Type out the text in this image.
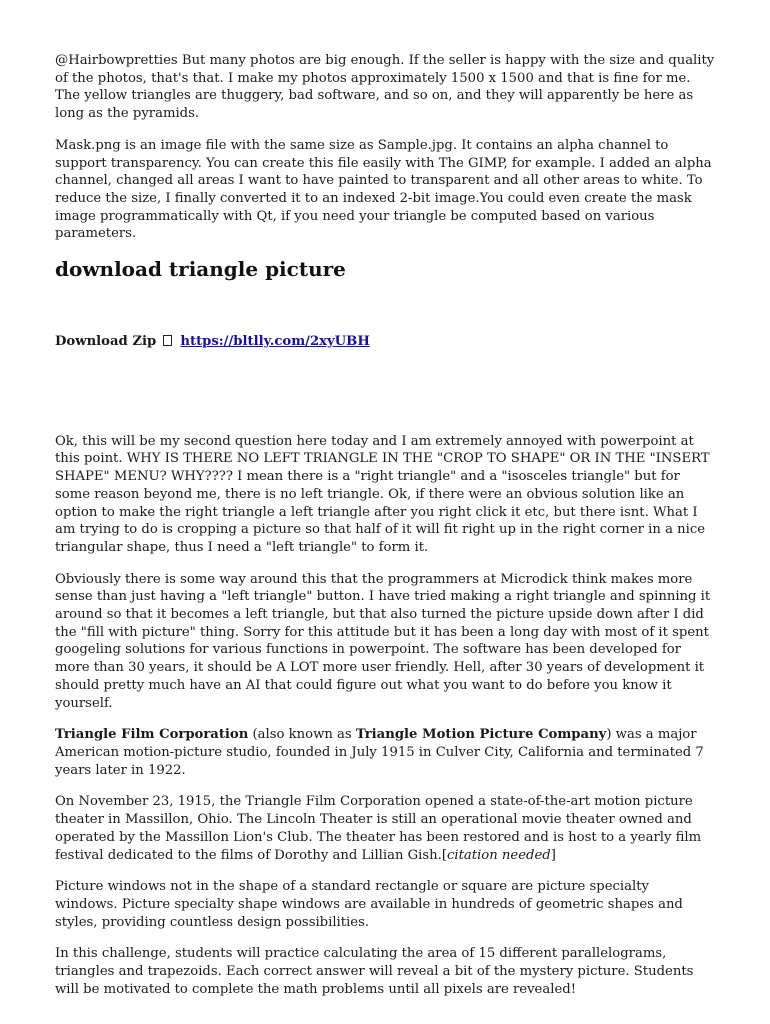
@Hairbowpretties But many photos are big enough. If the seller is happy with the size and quality of the photos, that's that. I make my photos approximately 1500 x 1500 and that is fine for me. The yellow triangles are thuggery, bad software, and so on, and they will apparently be here as long as the pyramids.

Mask.png is an image file with the same size as Sample.jpg. It contains an alpha channel to support transparency. You can create this file easily with The GIMP, for example. I added an alpha channel, changed all areas I want to have painted to transparent and all other areas to white. To reduce the size, I finally converted it to an indexed 2-bit image.You could even create the mask image programmatically with Qt, if you need your triangle be computed based on various parameters.

download triangle picture

Download Zip https://bltlly.com/2xyUBH

Ok, this will be my second question here today and I am extremely annoyed with powerpoint at this point. WHY IS THERE NO LEFT TRIANGLE IN THE "CROP TO SHAPE" OR IN THE "INSERT SHAPE" MENU? WHY???? I mean there is a "right triangle" and a "isosceles triangle" but for some reason beyond me, there is no left triangle. Ok, if there were an obvious solution like an option to make the right triangle a left triangle after you right click it etc, but there isnt. What I am trying to do is cropping a picture so that half of it will fit right up in the right corner in a nice triangular shape, thus I need a "left triangle" to form it.

Obviously there is some way around this that the programmers at Microdick think makes more sense than just having a "left triangle" button. I have tried making a right triangle and spinning it around so that it becomes a left triangle, but that also turned the picture upside down after I did the "fill with picture" thing. Sorry for this attitude but it has been a long day with most of it spent googeling solutions for various functions in powerpoint. The software has been developed for more than 30 years, it should be A LOT more user friendly. Hell, after 30 years of development it should pretty much have an AI that could figure out what you want to do before you know it yourself.

Triangle Film Corporation (also known as Triangle Motion Picture Company) was a major American motion-picture studio, founded in July 1915 in Culver City, California and terminated 7 years later in 1922.

On November 23, 1915, the Triangle Film Corporation opened a state-of-the-art motion picture theater in Massillon, Ohio. The Lincoln Theater is still an operational movie theater owned and operated by the Massillon Lion's Club. The theater has been restored and is host to a yearly film festival dedicated to the films of Dorothy and Lillian Gish.[citation needed]

Picture windows not in the shape of a standard rectangle or square are picture specialty windows. Picture specialty shape windows are available in hundreds of geometric shapes and styles, providing countless design possibilities.

In this challenge, students will practice calculating the area of 15 different parallelograms, triangles and trapezoids. Each correct answer will reveal a bit of the mystery picture. Students will be motivated to complete the math problems until all pixels are revealed!
